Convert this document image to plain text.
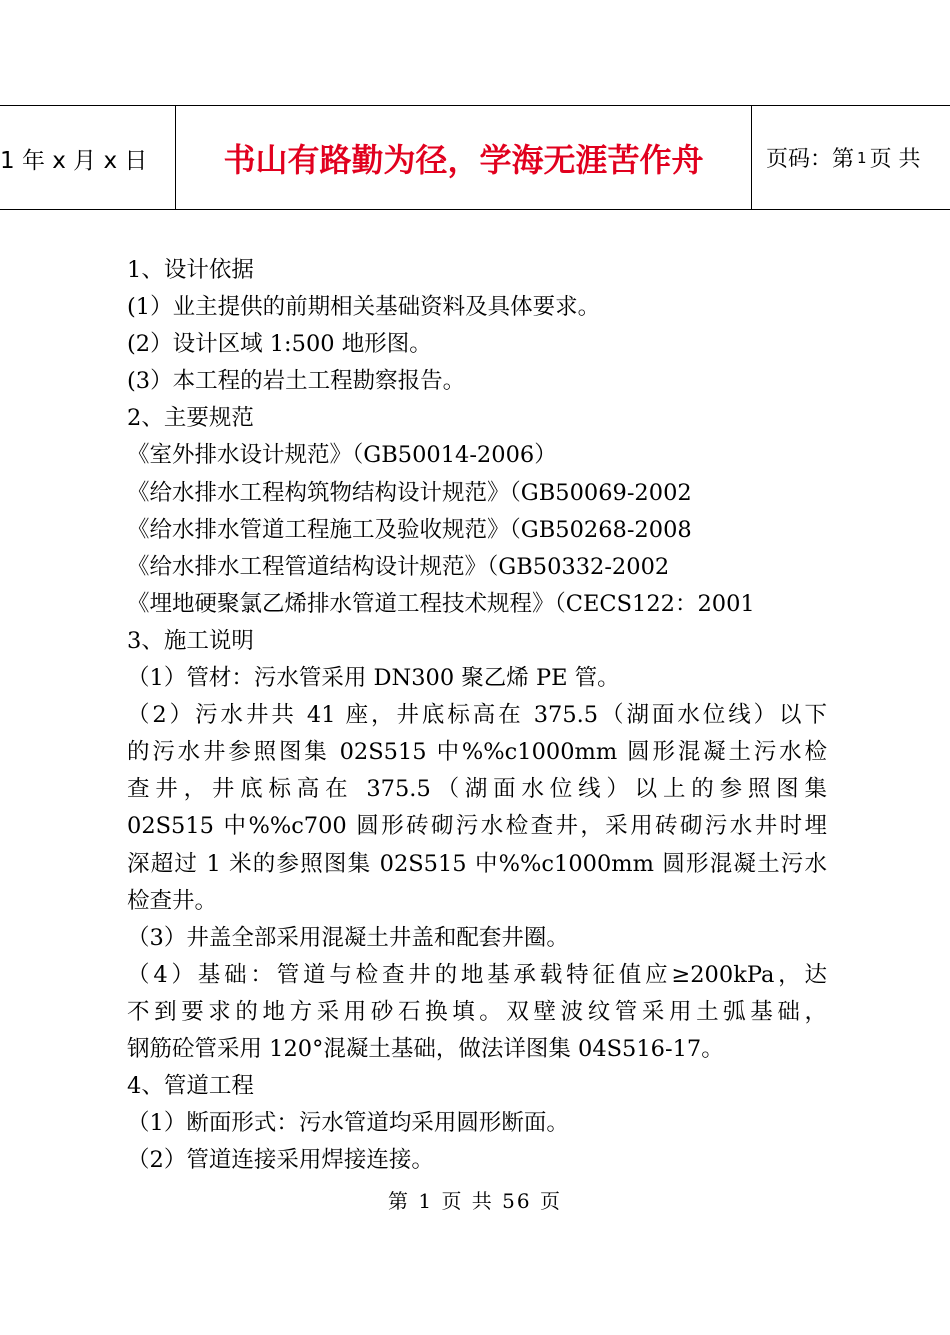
1 年 x 月 x 日	书山有路勤为径，学海无涯苦作舟	页码：第 1 页 共
1、设计依据
(1）业主提供的前期相关基础资料及具体要求。
(2）设计区域 1:500 地形图。
(3）本工程的岩土工程勘察报告。
2、主要规范
《室外排水设计规范》（GB50014-2006）
《给水排水工程构筑物结构设计规范》（GB50069-2002
《给水排水管道工程施工及验收规范》（GB50268-2008
《给水排水工程管道结构设计规范》（GB50332-2002
《埋地硬聚氯乙烯排水管道工程技术规程》（CECS122：2001
3、施工说明
（1）管材：污水管采用 DN300 聚乙烯 PE 管。
（2）污水井共 41 座，井底标高在 375.5（湖面水位线）以下
的污水井参照图集 02S515 中%%c1000mm 圆形混凝土污水检
查井，井底标高在 375.5（湖面水位线）以上的参照图集
02S515 中%%c700 圆形砖砌污水检查井，采用砖砌污水井时埋
深超过 1 米的参照图集 02S515 中%%c1000mm 圆形混凝土污水
检查井。
（3）井盖全部采用混凝土井盖和配套井圈。
（4）基础：管道与检查井的地基承载特征值应≥200kPa，达
不到要求的地方采用砂石换填。双壁波纹管采用土弧基础，
钢筋砼管采用 120°混凝土基础，做法详图集 04S516-17。
4、管道工程
（1）断面形式：污水管道均采用圆形断面。
（2）管道连接采用焊接连接。
第 1 页 共 56 页
